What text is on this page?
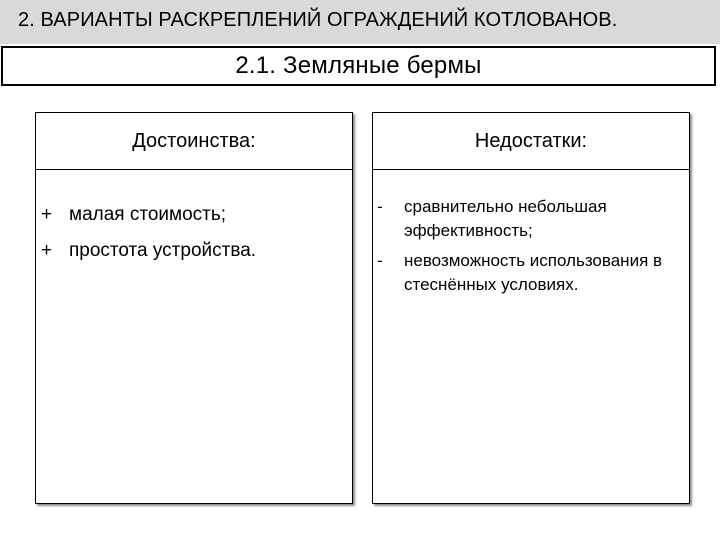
2. ВАРИАНТЫ РАСКРЕПЛЕНИЙ ОГРАЖДЕНИЙ КОТЛОВАНОВ.
2.1. Земляные бермы
Достоинства:
+ малая стоимость;
+ простота устройства.
Недостатки:
-	сравнительно небольшая эффективность;
-	невозможность использования в стеснённых условиях.
